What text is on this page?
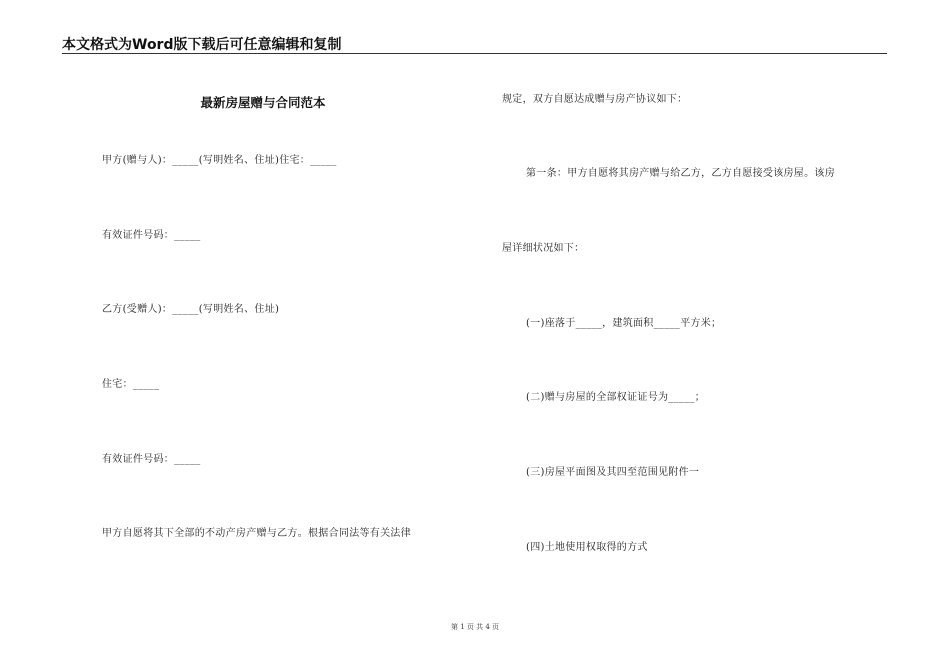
本文格式为Word版下载后可任意编辑和复制
最新房屋赠与合同范本
甲方(赠与人)：_____(写明姓名、住址)住宅：_____
有效证件号码：_____
乙方(受赠人)：_____(写明姓名、住址)
住宅：_____
有效证件号码：_____
甲方自愿将其下全部的不动产房产赠与乙方。根据合同法等有关法律
规定，双方自愿达成赠与房产协议如下：
第一条：甲方自愿将其房产赠与给乙方，乙方自愿接受该房屋。该房
屋详细状况如下：
(一)座落于_____，建筑面积_____平方米；
(二)赠与房屋的全部权证证号为_____；
(三)房屋平面图及其四至范围见附件一
(四)土地使用权取得的方式
第 1 页 共 4 页
